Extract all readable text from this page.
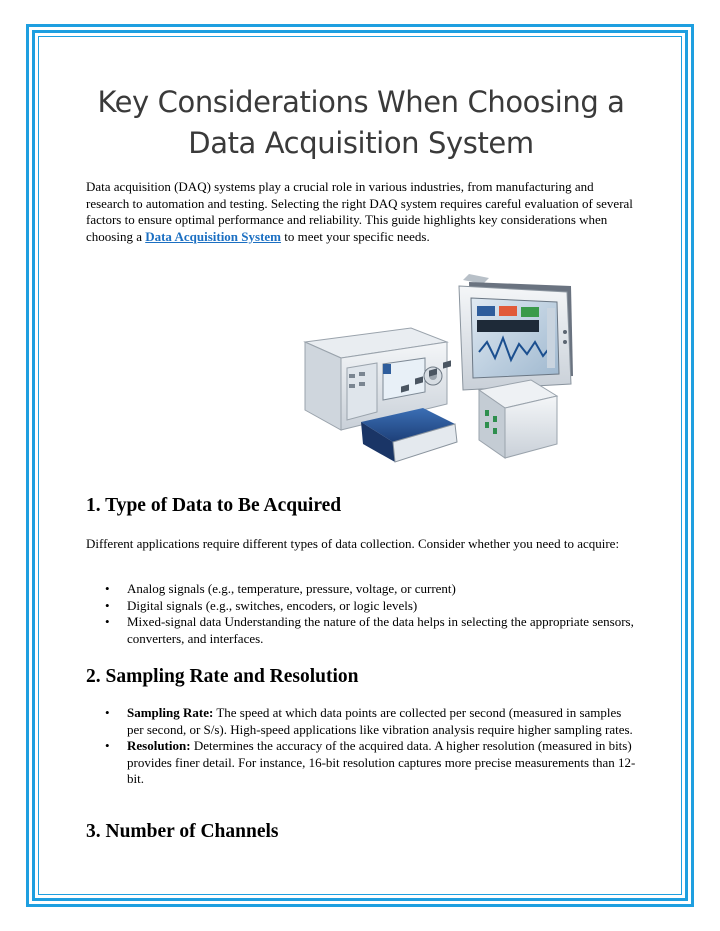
Key Considerations When Choosing a Data Acquisition System

Data acquisition (DAQ) systems play a crucial role in various industries, from manufacturing and research to automation and testing. Selecting the right DAQ system requires careful evaluation of several factors to ensure optimal performance and reliability. This guide highlights key considerations when choosing a Data Acquisition System to meet your specific needs.

1. Type of Data to Be Acquired

Different applications require different types of data collection. Consider whether you need to acquire:

• Analog signals (e.g., temperature, pressure, voltage, or current)
• Digital signals (e.g., switches, encoders, or logic levels)
• Mixed-signal data Understanding the nature of the data helps in selecting the appropriate sensors, converters, and interfaces.
2. Sampling Rate and Resolution
• Sampling Rate: The speed at which data points are collected per second (measured in samples per second, or S/s). High-speed applications like vibration analysis require higher sampling rates.
• Resolution: Determines the accuracy of the acquired data. A higher resolution (measured in bits) provides finer detail. For instance, 16-bit resolution captures more precise measurements than 12-bit.
3. Number of Channels
